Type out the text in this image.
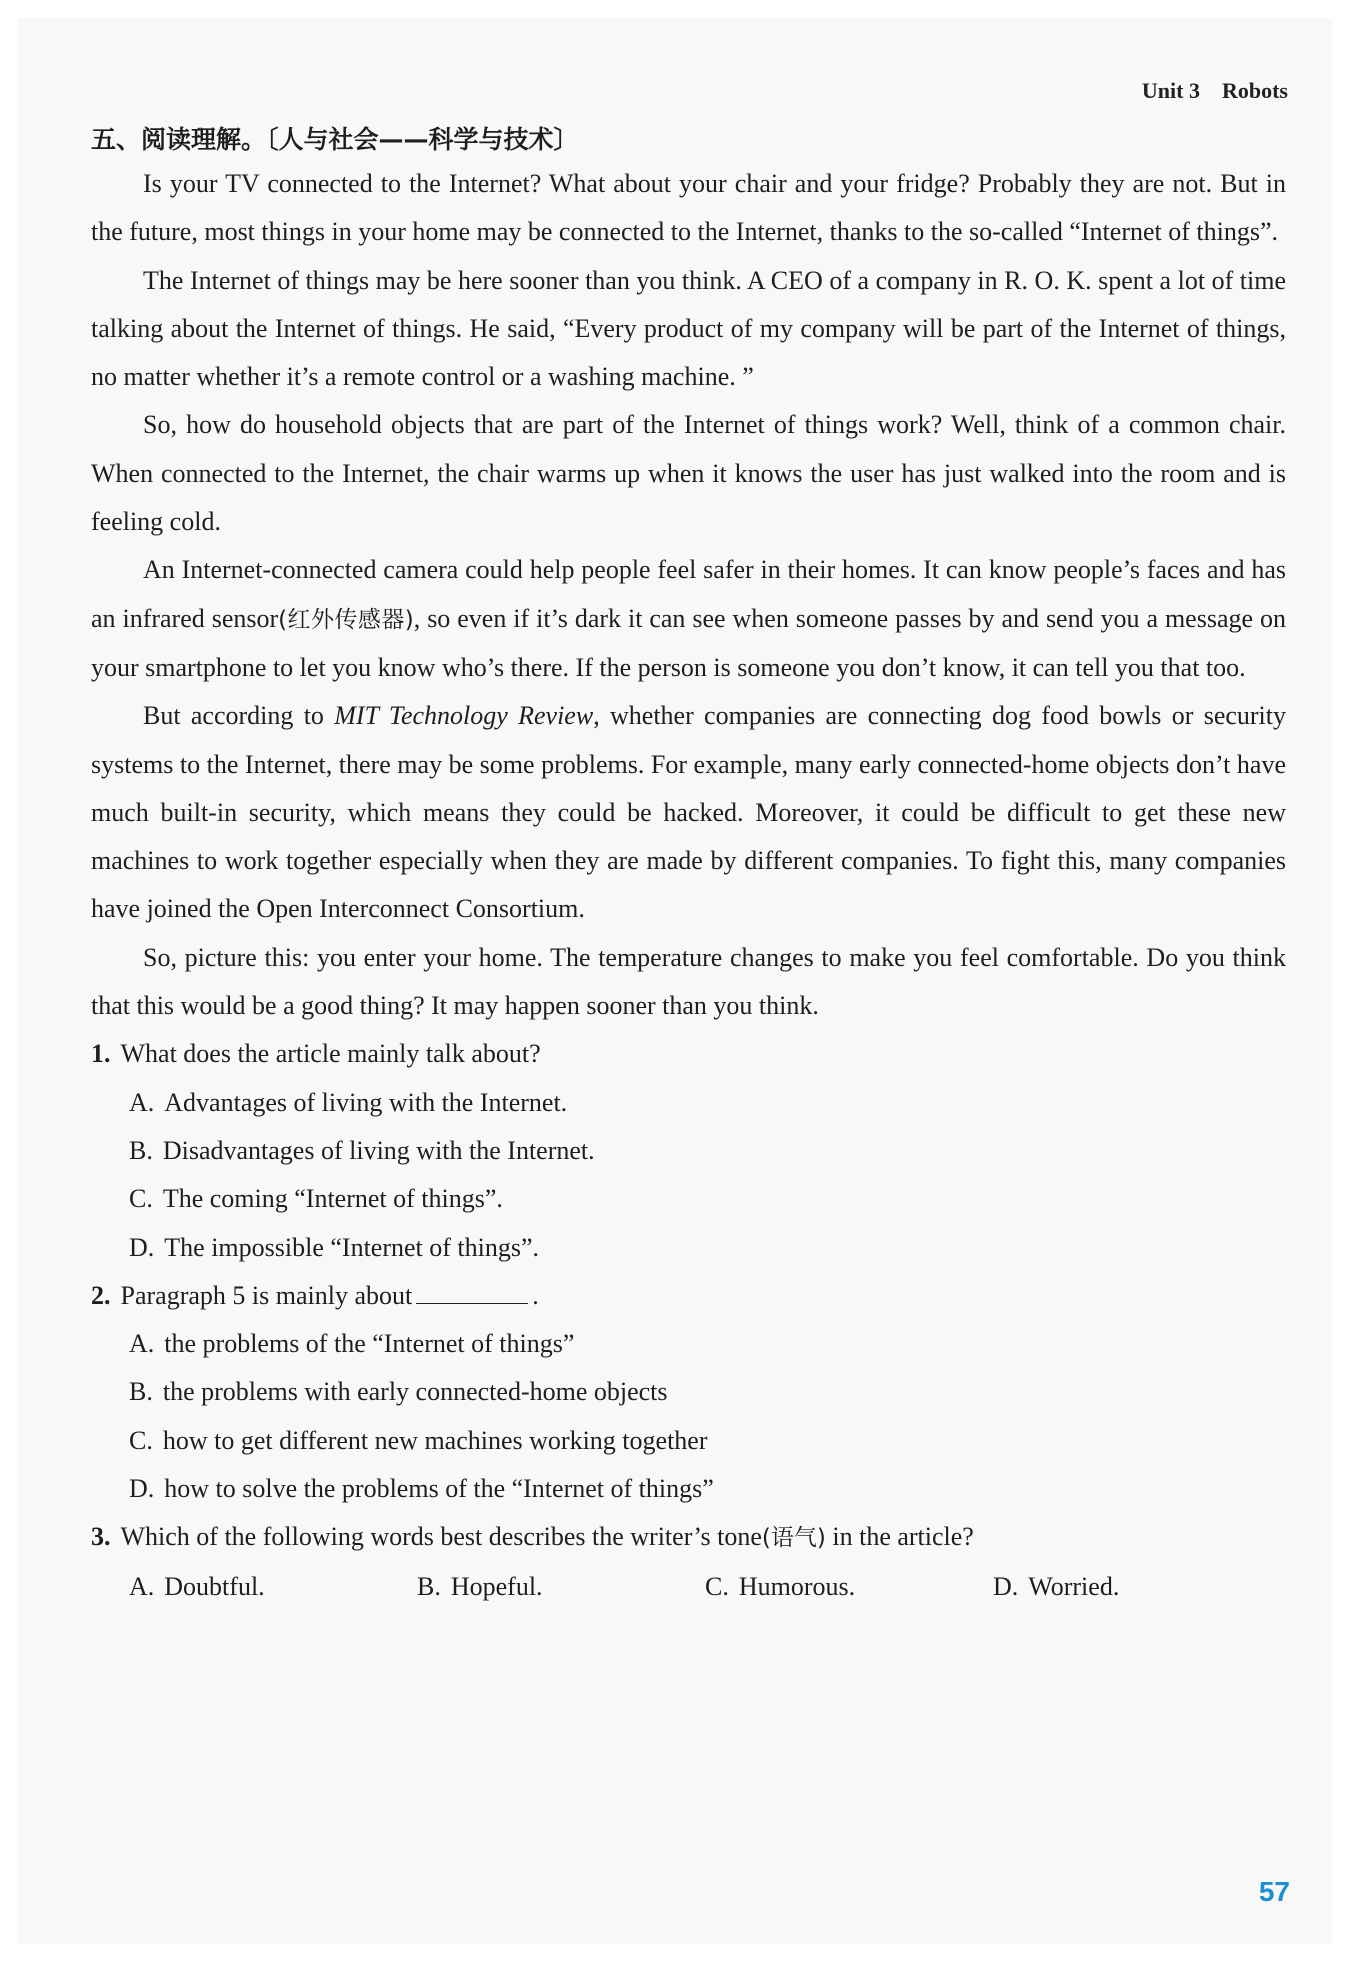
Unit 3 Robots
五、阅读理解。〔人与社会——科学与技术〕

Is your TV connected to the Internet? What about your chair and your fridge? Probably they are not. But in the future, most things in your home may be connected to the Internet, thanks to the so-called “Internet of things”.

The Internet of things may be here sooner than you think. A CEO of a company in R. O. K. spent a lot of time talking about the Internet of things. He said, “Every product of my company will be part of the Internet of things, no matter whether it’s a remote control or a washing machine. ”

So, how do household objects that are part of the Internet of things work? Well, think of a common chair. When connected to the Internet, the chair warms up when it knows the user has just walked into the room and is feeling cold.

An Internet-connected camera could help people feel safer in their homes. It can know people’s faces and has an infrared sensor(红外传感器), so even if it’s dark it can see when someone passes by and send you a message on your smartphone to let you know who’s there. If the person is someone you don’t know, it can tell you that too.

But according to MIT Technology Review, whether companies are connecting dog food bowls or security systems to the Internet, there may be some problems. For example, many early connected-home objects don’t have much built-in security, which means they could be hacked. Moreover, it could be difficult to get these new machines to work together especially when they are made by different companies. To fight this, many companies have joined the Open Interconnect Consortium.

So, picture this: you enter your home. The temperature changes to make you feel comfortable. Do you think that this would be a good thing? It may happen sooner than you think.

1. What does the article mainly talk about?

A. Advantages of living with the Internet.

B. Disadvantages of living with the Internet.

C. The coming “Internet of things”.

D. The impossible “Internet of things”.

2. Paragraph 5 is mainly about	.

A. the problems of the “Internet of things”

B. the problems with early connected-home objects

C. how to get different new machines working together

D. how to solve the problems of the “Internet of things”

3. Which of the following words best describes the writer’s tone(语气) in the article?

A. Doubtful.	B. Hopeful.	C. Humorous.	D. Worried.
57
